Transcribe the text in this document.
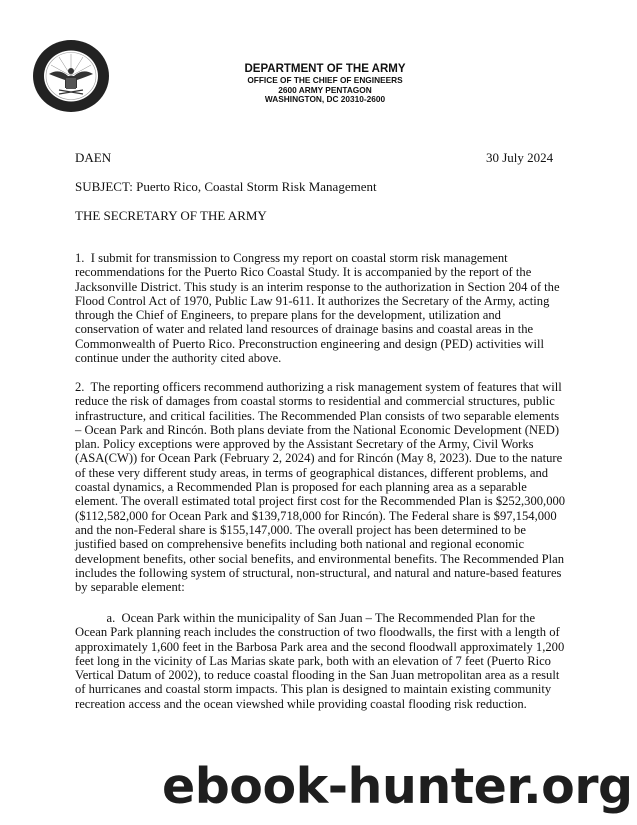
DEPARTMENT OF THE ARMY
OFFICE OF THE CHIEF OF ENGINEERS
2600 ARMY PENTAGON
WASHINGTON, DC 20310-2600
DAEN	30 July 2024
SUBJECT: Puerto Rico, Coastal Storm Risk Management
THE SECRETARY OF THE ARMY
1.  I submit for transmission to Congress my report on coastal storm risk management
recommendations for the Puerto Rico Coastal Study. It is accompanied by the report of the
Jacksonville District. This study is an interim response to the authorization in Section 204 of the
Flood Control Act of 1970, Public Law 91-611. It authorizes the Secretary of the Army, acting
through the Chief of Engineers, to prepare plans for the development, utilization and
conservation of water and related land resources of drainage basins and coastal areas in the
Commonwealth of Puerto Rico. Preconstruction engineering and design (PED) activities will
continue under the authority cited above.
2.  The reporting officers recommend authorizing a risk management system of features that will
reduce the risk of damages from coastal storms to residential and commercial structures, public
infrastructure, and critical facilities. The Recommended Plan consists of two separable elements
– Ocean Park and Rincón. Both plans deviate from the National Economic Development (NED)
plan. Policy exceptions were approved by the Assistant Secretary of the Army, Civil Works
(ASA(CW)) for Ocean Park (February 2, 2024) and for Rincón (May 8, 2023). Due to the nature
of these very different study areas, in terms of geographical distances, different problems, and
coastal dynamics, a Recommended Plan is proposed for each planning area as a separable
element. The overall estimated total project first cost for the Recommended Plan is $252,300,000
($112,582,000 for Ocean Park and $139,718,000 for Rincón). The Federal share is $97,154,000
and the non-Federal share is $155,147,000. The overall project has been determined to be
justified based on comprehensive benefits including both national and regional economic
development benefits, other social benefits, and environmental benefits. The Recommended Plan
includes the following system of structural, non-structural, and natural and nature-based features
by separable element:
a.  Ocean Park within the municipality of San Juan – The Recommended Plan for the
Ocean Park planning reach includes the construction of two floodwalls, the first with a length of
approximately 1,600 feet in the Barbosa Park area and the second floodwall approximately 1,200
feet long in the vicinity of Las Marias skate park, both with an elevation of 7 feet (Puerto Rico
Vertical Datum of 2002), to reduce coastal flooding in the San Juan metropolitan area as a result
of hurricanes and coastal storm impacts. This plan is designed to maintain existing community
recreation access and the ocean viewshed while providing coastal flooding risk reduction.
ebook-hunter.org
